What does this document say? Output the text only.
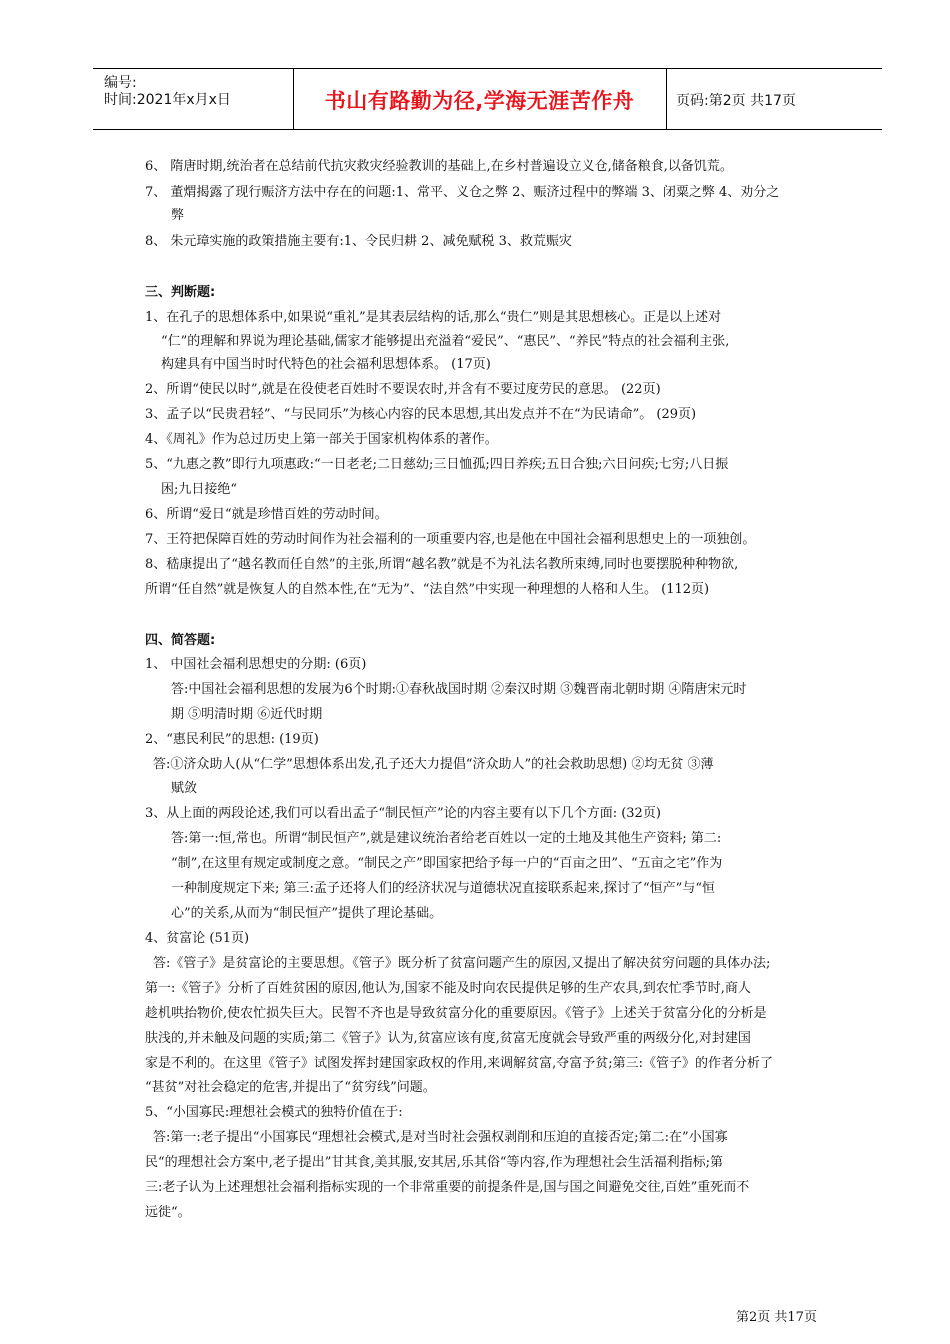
编号:
时间:2021年x月x日	书山有路勤为径,学海无涯苦作舟	页码:第2页 共17页
6、 隋唐时期,统治者在总结前代抗灾救灾经验教训的基础上,在乡村普遍设立义仓,储备粮食,以备饥荒。
7、 董煟揭露了现行赈济方法中存在的问题:1、常平、义仓之弊 2、赈济过程中的弊端 3、闭粟之弊 4、劝分之
弊
8、 朱元璋实施的政策措施主要有:1、令民归耕 2、减免赋税 3、救荒赈灾
三、判断题:
1、在孔子的思想体系中,如果说“重礼”是其表层结构的话,那么“贵仁”则是其思想核心。正是以上述对
“仁”的理解和界说为理论基础,儒家才能够提出充溢着“爱民”、“惠民”、“养民”特点的社会福利主张,
构建具有中国当时时代特色的社会福利思想体系。 (17页)
2、所谓“使民以时”,就是在役使老百姓时不要误农时,并含有不要过度劳民的意思。 (22页)
3、孟子以“民贵君轻”、“与民同乐”为核心内容的民本思想,其出发点并不在“为民请命”。 (29页)
4、《周礼》作为总过历史上第一部关于国家机构体系的著作。
5、“九惠之教”即行九项惠政:“一日老老;二日慈幼;三日恤孤;四日养疾;五日合独;六日问疾;七穷;八日振
困;九日接绝“
6、所谓“爱日“就是珍惜百姓的劳动时间。
7、王符把保障百姓的劳动时间作为社会福利的一项重要内容,也是他在中国社会福利思想史上的一项独创。
8、嵇康提出了“越名教而任自然”的主张,所谓“越名教”就是不为礼法名教所束缚,同时也要摆脱种种物欲,
所谓“任自然”就是恢复人的自然本性,在“无为”、“法自然”中实现一种理想的人格和人生。 (112页)
四、简答题:
1、 中国社会福利思想史的分期: (6页)
答:中国社会福利思想的发展为6个时期:①春秋战国时期 ②秦汉时期 ③魏晋南北朝时期 ④隋唐宋元时
期 ⑤明清时期 ⑥近代时期
2、“惠民利民”的思想: (19页)
答:①济众助人(从“仁学”思想体系出发,孔子还大力提倡“济众助人”的社会救助思想) ②均无贫 ③薄
赋敛
3、从上面的两段论述,我们可以看出孟子“制民恒产”论的内容主要有以下几个方面: (32页)
答:第一:恒,常也。所谓“制民恒产”,就是建议统治者给老百姓以一定的土地及其他生产资料; 第二:
“制”,在这里有规定或制度之意。“制民之产”即国家把给予每一户的“百亩之田”、“五亩之宅”作为
一种制度规定下来; 第三:孟子还将人们的经济状况与道德状况直接联系起来,探讨了“恒产”与“恒
心”的关系,从而为“制民恒产”提供了理论基础。
4、贫富论 (51页)
答:《管子》是贫富论的主要思想。《管子》既分析了贫富问题产生的原因,又提出了解决贫穷问题的具体办法;
第一:《管子》分析了百姓贫困的原因,他认为,国家不能及时向农民提供足够的生产农具,到农忙季节时,商人
趁机哄抬物价,使农忙损失巨大。民智不齐也是导致贫富分化的重要原因。《管子》上述关于贫富分化的分析是
肤浅的,并未触及问题的实质;第二《管子》认为,贫富应该有度,贫富无度就会导致严重的两级分化,对封建国
家是不利的。在这里《管子》试图发挥封建国家政权的作用,来调解贫富,夺富予贫;第三:《管子》的作者分析了
“甚贫”对社会稳定的危害,并提出了“贫穷线”问题。
5、“小国寡民:理想社会模式的独特价值在于:
答:第一:老子提出“小国寡民“理想社会模式,是对当时社会强权剥削和压迫的直接否定;第二:在”小国寡
民“的理想社会方案中,老子提出”甘其食,美其服,安其居,乐其俗“等内容,作为理想社会生活福利指标;第
三:老子认为上述理想社会福利指标实现的一个非常重要的前提条件是,国与国之间避免交往,百姓”重死而不
远徙“。
第2页 共17页
